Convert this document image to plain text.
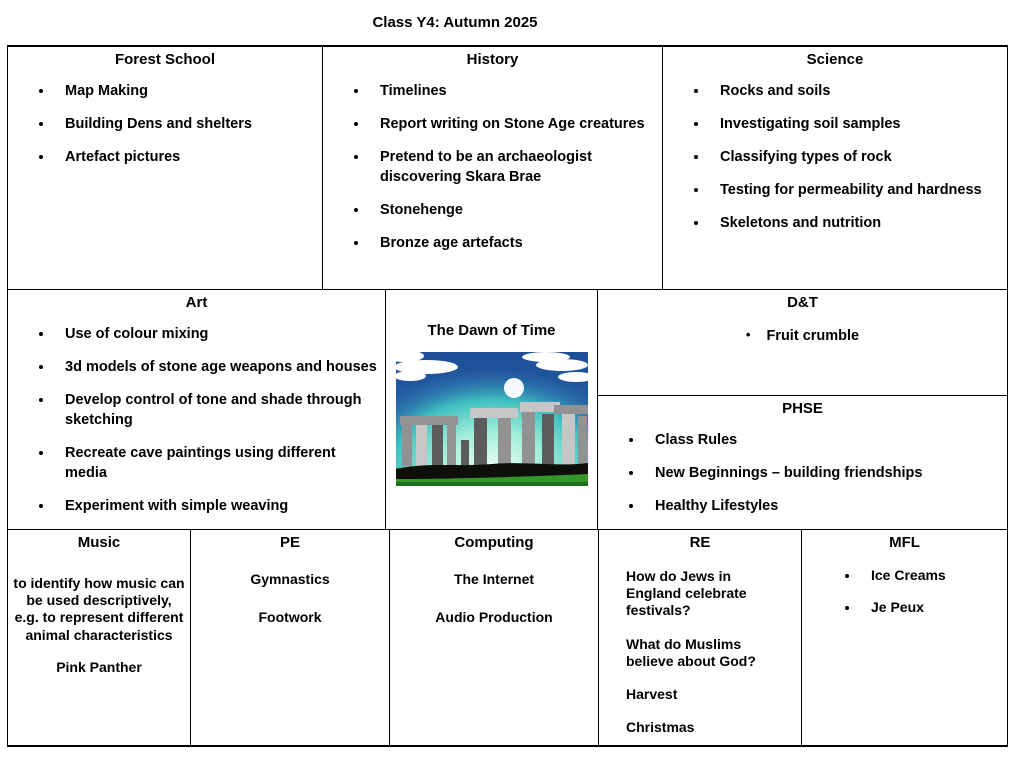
Class Y4: Autumn 2025
Forest School
• Map Making
• Building Dens and shelters
• Artefact pictures
History
• Timelines
• Report writing on Stone Age creatures
• Pretend to be an archaeologist discovering Skara Brae
• Stonehenge
• Bronze age artefacts
Science
• Rocks and soils
• Investigating soil samples
• Classifying types of rock
• Testing for permeability and hardness
• Skeletons and nutrition
Art
• Use of colour mixing
• 3d models of stone age weapons and houses
• Develop control of tone and shade through sketching
• Recreate cave paintings using different media
• Experiment with simple weaving
The Dawn of Time
D&T
• Fruit crumble
PHSE
• Class Rules
• New Beginnings – building friendships
• Healthy Lifestyles
Music

to identify how music can be used descriptively, e.g. to represent different animal characteristics

Pink Panther

PE

Gymnastics

Footwork

Computing

The Internet

Audio Production

RE

How do Jews in England celebrate festivals?

What do Muslims believe about God?

Harvest

Christmas

MFL
• Ice Creams
• Je Peux
